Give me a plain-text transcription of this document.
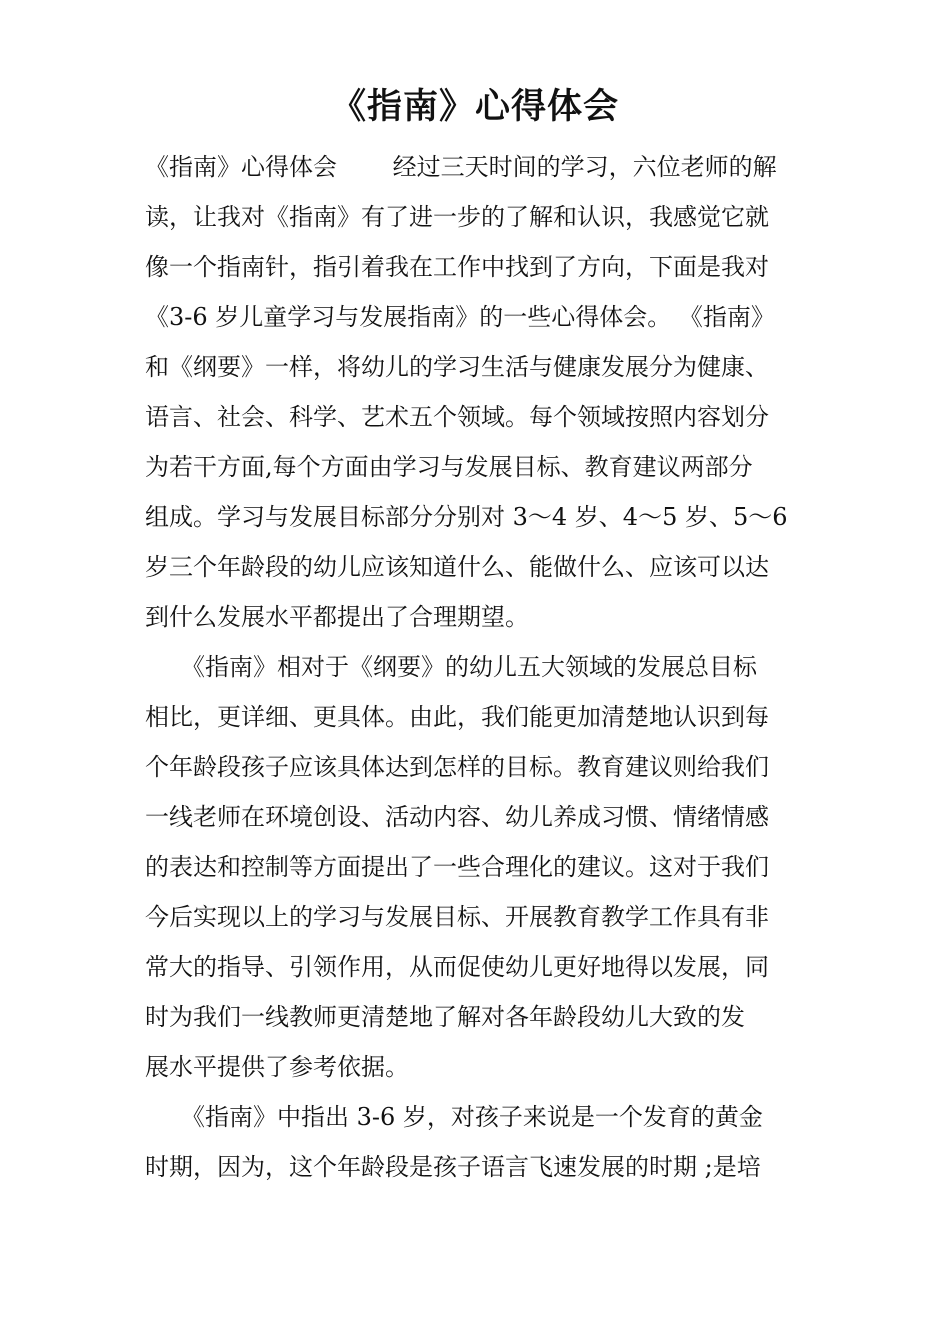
《指南》心得体会
《指南》心得体会　　 经过三天时间的学习，六位老师的解
读，让我对《指南》有了进一步的了解和认识，我感觉它就
像一个指南针，指引着我在工作中找到了方向，下面是我对
《3-6 岁儿童学习与发展指南》的一些心得体会。 《指南》
和《纲要》一样，将幼儿的学习生活与健康发展分为健康、
语言、社会、科学、艺术五个领域。每个领域按照内容划分
为若干方面,每个方面由学习与发展目标、教育建议两部分
组成。学习与发展目标部分分别对 3～4 岁、4～5 岁、5～6
岁三个年龄段的幼儿应该知道什么、能做什么、应该可以达
到什么发展水平都提出了合理期望。
　　《指南》相对于《纲要》的幼儿五大领域的发展总目标
相比，更详细、更具体。由此，我们能更加清楚地认识到每
个年龄段孩子应该具体达到怎样的目标。教育建议则给我们
一线老师在环境创设、活动内容、幼儿养成习惯、情绪情感
的表达和控制等方面提出了一些合理化的建议。这对于我们
今后实现以上的学习与发展目标、开展教育教学工作具有非
常大的指导、引领作用，从而促使幼儿更好地得以发展，同
时为我们一线教师更清楚地了解对各年龄段幼儿大致的发
展水平提供了参考依据。
　　《指南》中指出 3-6 岁，对孩子来说是一个发育的黄金
时期，因为，这个年龄段是孩子语言飞速发展的时期 ;是培
